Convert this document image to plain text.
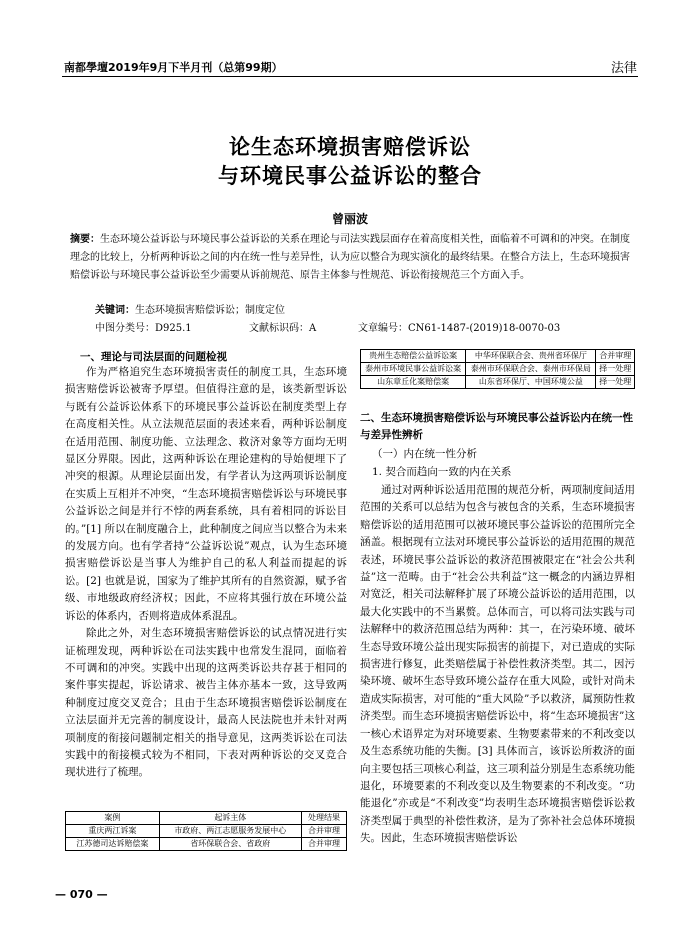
南都學壇2019年9月下半月刊（总第99期）	法律
论生态环境损害赔偿诉讼
与环境民事公益诉讼的整合
曾丽波
摘要：生态环境公益诉讼与环境民事公益诉讼的关系在理论与司法实践层面存在着高度相关性，面临着不可调和的冲突。在制度理念的比较上，分析两种诉讼之间的内在统一性与差异性，认为应以整合为现实演化的最终结果。在整合方法上，生态环境损害赔偿诉讼与环境民事公益诉讼至少需要从诉前规范、原告主体参与性规范、诉讼衔接规范三个方面入手。
关键词：生态环境损害赔偿诉讼；制度定位
中图分类号：D925.1	文献标识码：A	文章编号：CN61-1487-(2019)18-0070-03
一、理论与司法层面的问题检视

作为严格追究生态环境损害责任的制度工具，生态环境损害赔偿诉讼被寄予厚望。但值得注意的是，该类新型诉讼与既有公益诉讼体系下的环境民事公益诉讼在制度类型上存在高度相关性。从立法规范层面的表述来看，两种诉讼制度在适用范围、制度功能、立法理念、救济对象等方面均无明显区分界限。因此，这两种诉讼在理论建构的导始便埋下了冲突的根源。从理论层面出发，有学者认为这两项诉讼制度在实质上互相并不冲突，“生态环境损害赔偿诉讼与环境民事公益诉讼之间是并行不悖的两套系统，具有着相同的诉讼目的。”[1] 所以在制度融合上，此种制度之间应当以整合为未来的发展方向。也有学者持“公益诉讼说”观点，认为生态环境损害赔偿诉讼是当事人为维护自己的私人利益而提起的诉讼。[2] 也就是说，国家为了维护其所有的自然资源，赋予省级、市地级政府经济权；因此，不应将其强行放在环境公益诉讼的体系内，否则将造成体系混乱。

除此之外，对生态环境损害赔偿诉讼的试点情况进行实证梳理发现，两种诉讼在司法实践中也常发生混同，面临着不可调和的冲突。实践中出现的这两类诉讼共存甚于相同的案件事实提起，诉讼请求、被告主体亦基本一致，这导致两种制度过度交叉竞合；且由于生态环境损害赔偿诉讼制度在立法层面并无完善的制度设计，最高人民法院也并未针对两项制度的衔接问题制定相关的指导意见，这两类诉讼在司法实践中的衔接模式较为不相同，下表对两种诉讼的交叉竞合现状进行了梳理。

案例	起诉主体	处理结果
重庆两江诉案	市政府、两江志愿服务发展中心	合并审理
江苏德司达诉赔偿案	省环保联合会、省政府	合并审理
贵州生态赔偿公益诉讼案	中华环保联合会、贵州省环保厅	合并审理
泰州市环境民事公益诉讼案	泰州市环保联合会、泰州市环保局	择一处理
山东章丘化案赔偿案	山东省环保厅、中国环境公益	择一处理
二、生态环境损害赔偿诉讼与环境民事公益诉讼内在统一性与差异性辨析
（一）内在统一性分析
1. 契合而趋向一致的内在关系

通过对两种诉讼适用范围的规范分析，两项制度间适用范围的关系可以总结为包含与被包含的关系，生态环境损害赔偿诉讼的适用范围可以被环境民事公益诉讼的范围所完全涵盖。根据现有立法对环境民事公益诉讼的适用范围的规范表述，环境民事公益诉讼的救济范围被限定在“社会公共利益”这一范畴。由于“社会公共利益”这一概念的内涵边界相对宽泛，相关司法解释扩展了环境公益诉讼的适用范围，以最大化实践中的不当累赘。总体而言，可以将司法实践与司法解释中的救济范围总结为两种：其一，在污染环境、破坏生态导致环境公益出现实际损害的前提下，对已造成的实际损害进行修复，此类赔偿属于补偿性救济类型。其二，因污染环境、破坏生态导致环境公益存在重大风险，或针对尚未造成实际损害，对可能的“重大风险”予以救济，属预防性救济类型。而生态环境损害赔偿诉讼中，将“生态环境损害”这一核心术语界定为对环境要素、生物要素带来的不利改变以及生态系统功能的失衡。[3] 具体而言，该诉讼所救济的面向主要包括三项核心利益，这三项利益分别是生态系统功能退化，环境要素的不利改变以及生物要素的不利改变。“功能退化”亦或是“不利改变”均表明生态环境损害赔偿诉讼救济类型属于典型的补偿性救济，是为了弥补社会总体环境损失。因此，生态环境损害赔偿诉讼

— 070 —
